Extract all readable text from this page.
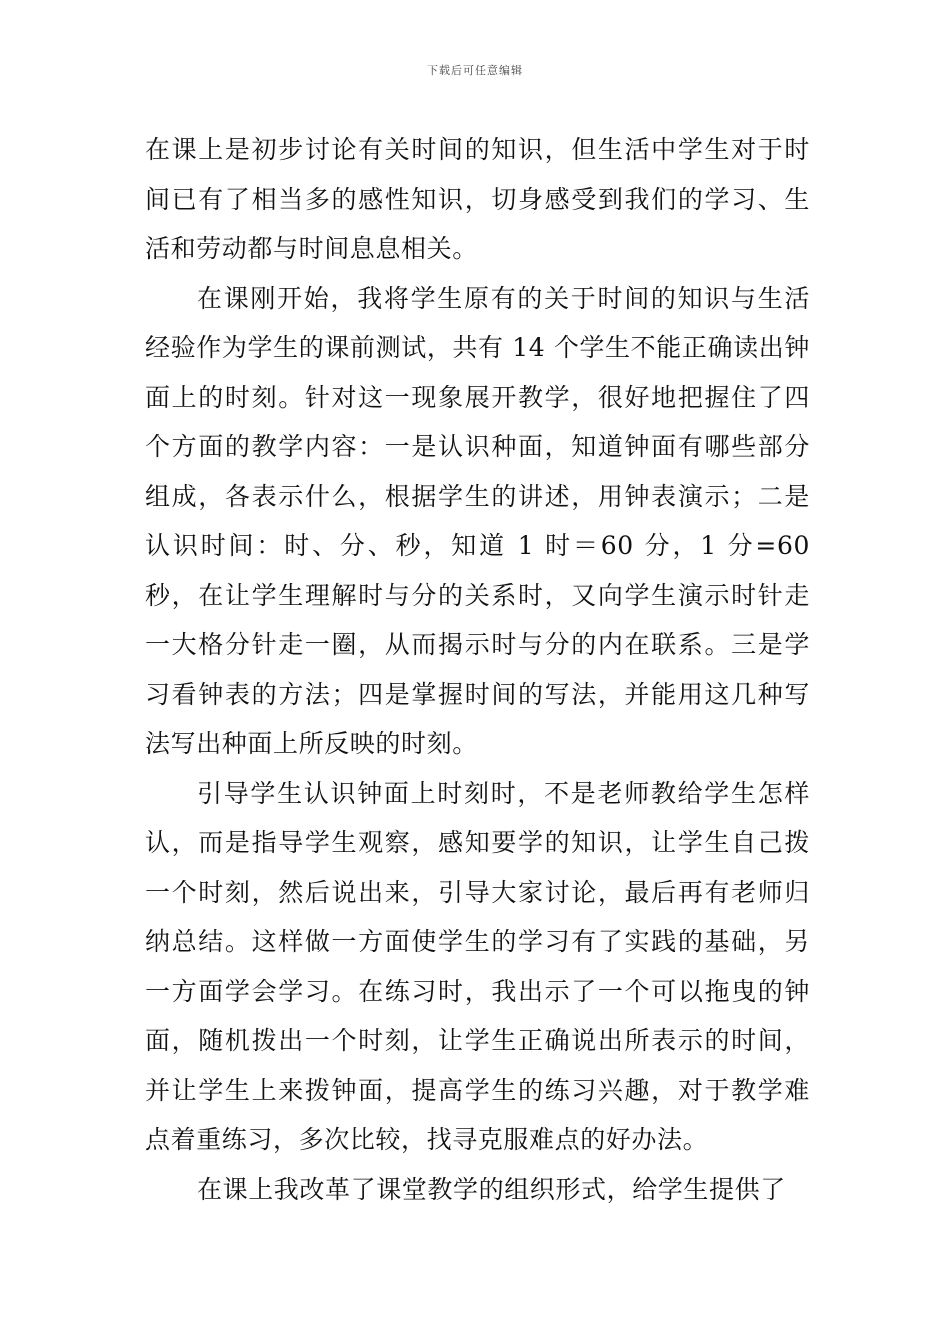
下载后可任意编辑

在课上是初步讨论有关时间的知识，但生活中学生对于时间已有了相当多的感性知识，切身感受到我们的学习、生活和劳动都与时间息息相关。

在课刚开始，我将学生原有的关于时间的知识与生活经验作为学生的课前测试，共有 14 个学生不能正确读出钟面上的时刻。针对这一现象展开教学，很好地把握住了四个方面的教学内容：一是认识种面，知道钟面有哪些部分组成，各表示什么，根据学生的讲述，用钟表演示；二是认识时间：时、分、秒，知道 1 时＝60 分，1 分=60 秒，在让学生理解时与分的关系时，又向学生演示时针走一大格分针走一圈，从而揭示时与分的内在联系。三是学习看钟表的方法；四是掌握时间的写法，并能用这几种写法写出种面上所反映的时刻。

引导学生认识钟面上时刻时，不是老师教给学生怎样认，而是指导学生观察，感知要学的知识，让学生自己拨一个时刻，然后说出来，引导大家讨论，最后再有老师归纳总结。这样做一方面使学生的学习有了实践的基础，另一方面学会学习。在练习时，我出示了一个可以拖曳的钟面，随机拨出一个时刻，让学生正确说出所表示的时间，并让学生上来拨钟面，提高学生的练习兴趣，对于教学难点着重练习，多次比较，找寻克服难点的好办法。

在课上我改革了课堂教学的组织形式，给学生提供了
